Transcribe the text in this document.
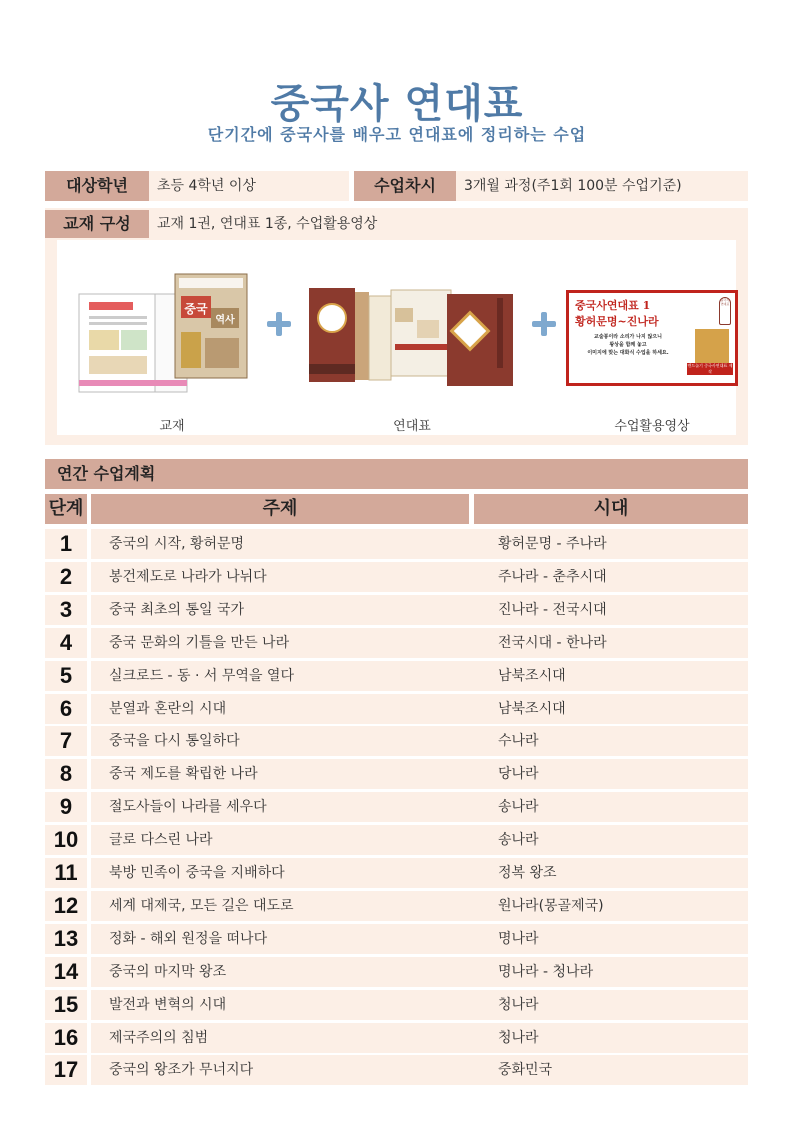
중국사 연대표
단기간에 중국사를 배우고 연대표에 정리하는 수업
대상학년	초등 4학년 이상	수업차시	3개월 과정(주1회 100분 수업기준)
교재 구성	교재 1권, 연대표 1종, 수업활용영상
중국
역사
중국사연대표 1
황허문명~진나라
교술봉이라 소리가 나지 않으니
왕상을 함께 놓고
이미지에 맞는 대화식 수업을 하세요.
엔드놀기 중국사연대표 제작
중국사연대표
교재	연대표	수업활용영상
연간 수업계획
단계	주제	시대
1	중국의 시작, 황허문명	황허문명 - 주나라
2	봉건제도로 나라가 나뉘다	주나라 - 춘추시대
3	중국 최초의 통일 국가	진나라 - 전국시대
4	중국 문화의 기틀을 만든 나라	전국시대 - 한나라
5	실크로드 - 동 · 서 무역을 열다	남북조시대
6	분열과 혼란의 시대	남북조시대
7	중국을 다시 통일하다	수나라
8	중국 제도를 확립한 나라	당나라
9	절도사들이 나라를 세우다	송나라
10	글로 다스린 나라	송나라
11	북방 민족이 중국을 지배하다	정복 왕조
12	세계 대제국, 모든 길은 대도로	원나라(몽골제국)
13	정화 - 해외 원정을 떠나다	명나라
14	중국의 마지막 왕조	명나라 - 청나라
15	발전과 변혁의 시대	청나라
16	제국주의의 침범	청나라
17	중국의 왕조가 무너지다	중화민국
